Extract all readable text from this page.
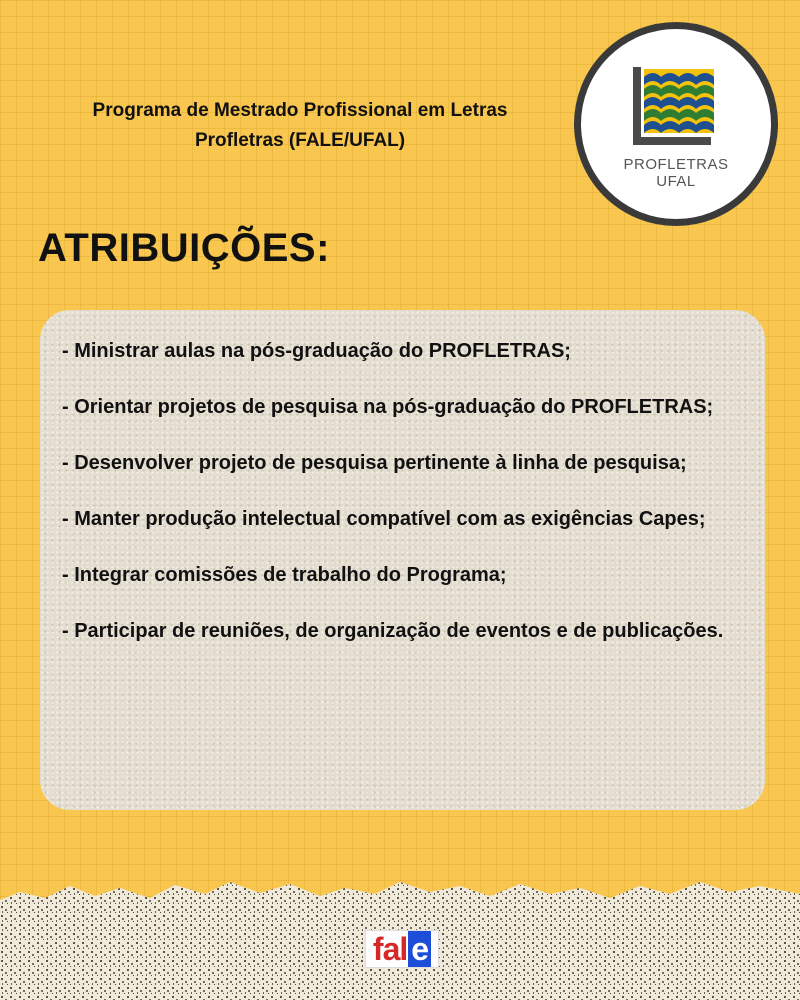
Programa de Mestrado Profissional em Letras
Profletras (FALE/UFAL)
PROFLETRAS
UFAL
ATRIBUIÇÕES:

- Ministrar aulas na pós-graduação do PROFLETRAS;

- Orientar projetos de pesquisa na pós-graduação do PROFLETRAS;

- Desenvolver projeto de pesquisa pertinente à linha de pesquisa;

- Manter produção intelectual compatível com as exigências Capes;

- Integrar comissões de trabalho do Programa;

- Participar de reuniões, de organização de eventos e de publicações.

fal e
